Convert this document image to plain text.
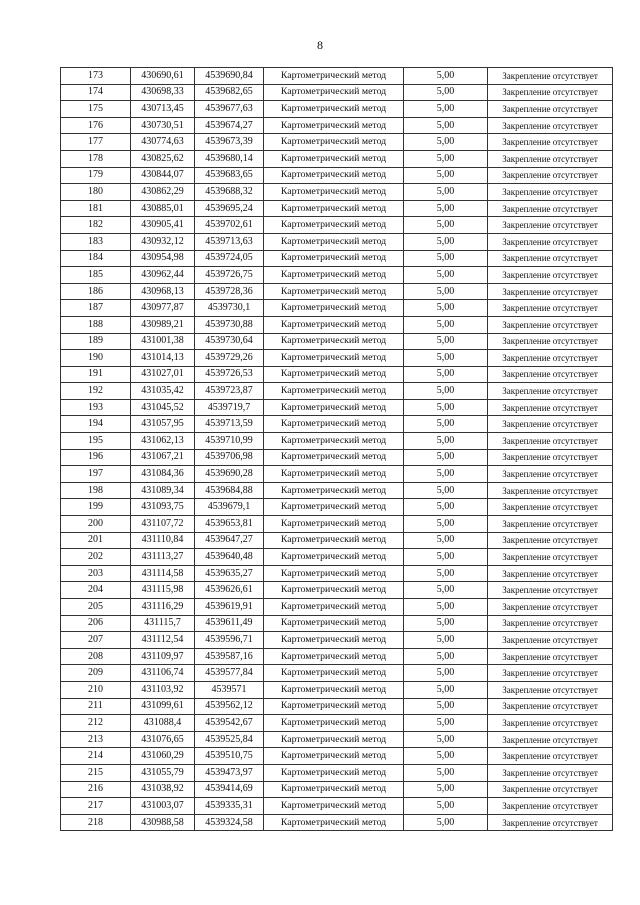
8
173	430690,61	4539690,84	Картометрический метод	5,00	Закрепление отсутствует
174	430698,33	4539682,65	Картометрический метод	5,00	Закрепление отсутствует
175	430713,45	4539677,63	Картометрический метод	5,00	Закрепление отсутствует
176	430730,51	4539674,27	Картометрический метод	5,00	Закрепление отсутствует
177	430774,63	4539673,39	Картометрический метод	5,00	Закрепление отсутствует
178	430825,62	4539680,14	Картометрический метод	5,00	Закрепление отсутствует
179	430844,07	4539683,65	Картометрический метод	5,00	Закрепление отсутствует
180	430862,29	4539688,32	Картометрический метод	5,00	Закрепление отсутствует
181	430885,01	4539695,24	Картометрический метод	5,00	Закрепление отсутствует
182	430905,41	4539702,61	Картометрический метод	5,00	Закрепление отсутствует
183	430932,12	4539713,63	Картометрический метод	5,00	Закрепление отсутствует
184	430954,98	4539724,05	Картометрический метод	5,00	Закрепление отсутствует
185	430962,44	4539726,75	Картометрический метод	5,00	Закрепление отсутствует
186	430968,13	4539728,36	Картометрический метод	5,00	Закрепление отсутствует
187	430977,87	4539730,1	Картометрический метод	5,00	Закрепление отсутствует
188	430989,21	4539730,88	Картометрический метод	5,00	Закрепление отсутствует
189	431001,38	4539730,64	Картометрический метод	5,00	Закрепление отсутствует
190	431014,13	4539729,26	Картометрический метод	5,00	Закрепление отсутствует
191	431027,01	4539726,53	Картометрический метод	5,00	Закрепление отсутствует
192	431035,42	4539723,87	Картометрический метод	5,00	Закрепление отсутствует
193	431045,52	4539719,7	Картометрический метод	5,00	Закрепление отсутствует
194	431057,95	4539713,59	Картометрический метод	5,00	Закрепление отсутствует
195	431062,13	4539710,99	Картометрический метод	5,00	Закрепление отсутствует
196	431067,21	4539706,98	Картометрический метод	5,00	Закрепление отсутствует
197	431084,36	4539690,28	Картометрический метод	5,00	Закрепление отсутствует
198	431089,34	4539684,88	Картометрический метод	5,00	Закрепление отсутствует
199	431093,75	4539679,1	Картометрический метод	5,00	Закрепление отсутствует
200	431107,72	4539653,81	Картометрический метод	5,00	Закрепление отсутствует
201	431110,84	4539647,27	Картометрический метод	5,00	Закрепление отсутствует
202	431113,27	4539640,48	Картометрический метод	5,00	Закрепление отсутствует
203	431114,58	4539635,27	Картометрический метод	5,00	Закрепление отсутствует
204	431115,98	4539626,61	Картометрический метод	5,00	Закрепление отсутствует
205	431116,29	4539619,91	Картометрический метод	5,00	Закрепление отсутствует
206	431115,7	4539611,49	Картометрический метод	5,00	Закрепление отсутствует
207	431112,54	4539596,71	Картометрический метод	5,00	Закрепление отсутствует
208	431109,97	4539587,16	Картометрический метод	5,00	Закрепление отсутствует
209	431106,74	4539577,84	Картометрический метод	5,00	Закрепление отсутствует
210	431103,92	4539571	Картометрический метод	5,00	Закрепление отсутствует
211	431099,61	4539562,12	Картометрический метод	5,00	Закрепление отсутствует
212	431088,4	4539542,67	Картометрический метод	5,00	Закрепление отсутствует
213	431076,65	4539525,84	Картометрический метод	5,00	Закрепление отсутствует
214	431060,29	4539510,75	Картометрический метод	5,00	Закрепление отсутствует
215	431055,79	4539473,97	Картометрический метод	5,00	Закрепление отсутствует
216	431038,92	4539414,69	Картометрический метод	5,00	Закрепление отсутствует
217	431003,07	4539335,31	Картометрический метод	5,00	Закрепление отсутствует
218	430988,58	4539324,58	Картометрический метод	5,00	Закрепление отсутствует
